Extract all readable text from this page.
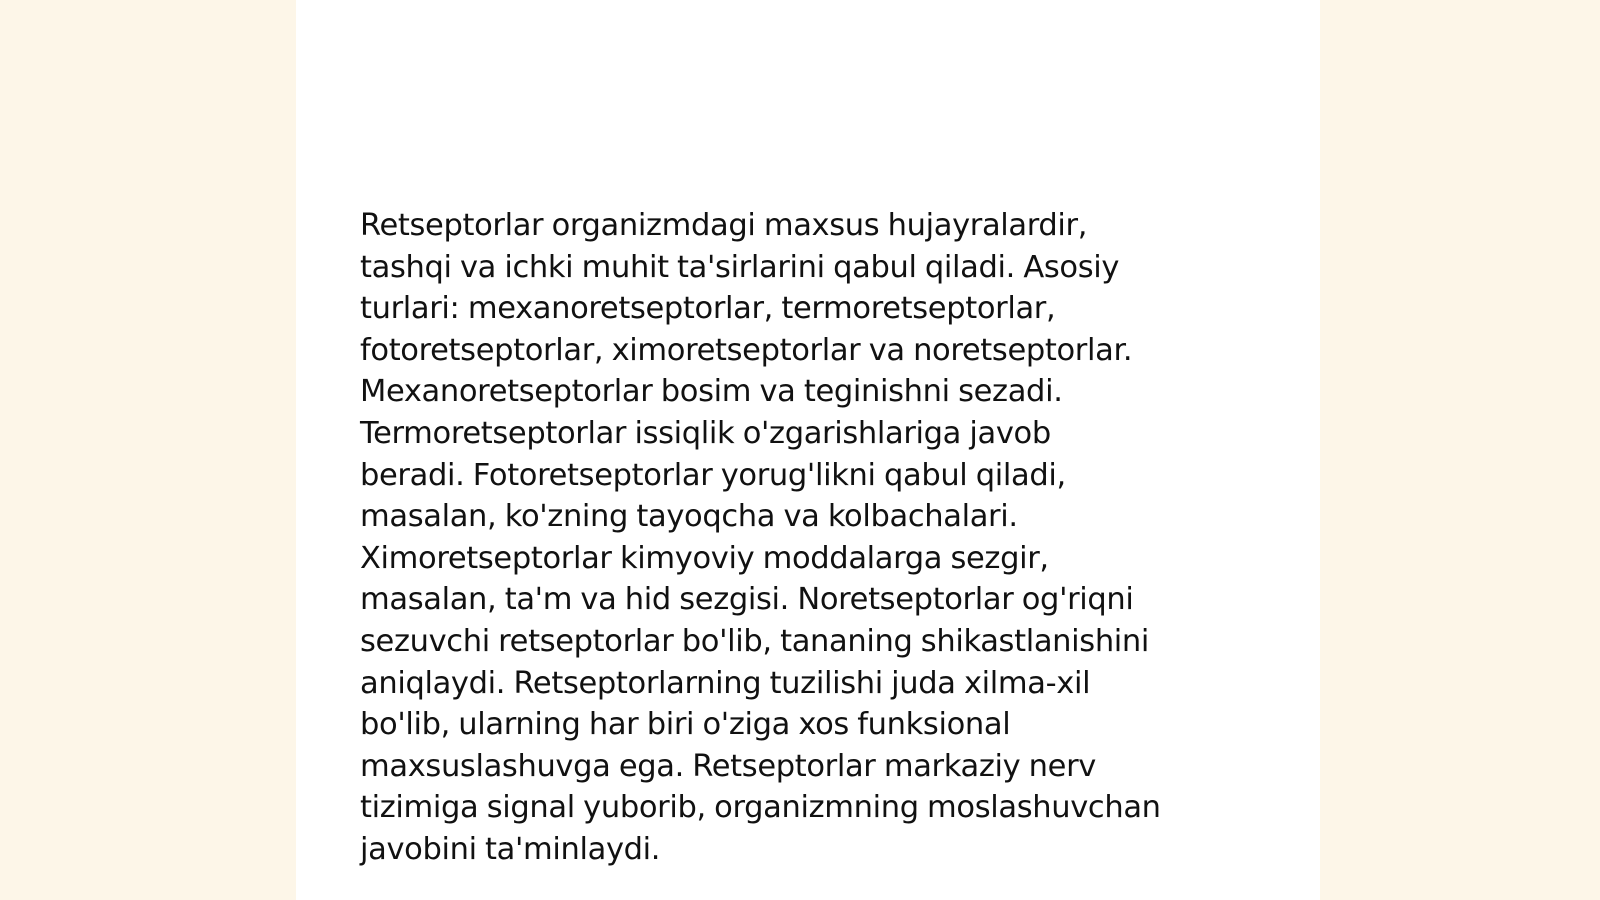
Retseptorlar organizmdagi maxsus hujayralardir,
tashqi va ichki muhit ta'sirlarini qabul qiladi. Asosiy
turlari: mexanoretseptorlar, termoretseptorlar,
fotoretseptorlar, ximoretseptorlar va noretseptorlar.
Mexanoretseptorlar bosim va teginishni sezadi.
Termoretseptorlar issiqlik o'zgarishlariga javob
beradi. Fotoretseptorlar yorug'likni qabul qiladi,
masalan, ko'zning tayoqcha va kolbachalari.
Ximoretseptorlar kimyoviy moddalarga sezgir,
masalan, ta'm va hid sezgisi. Noretseptorlar og'riqni
sezuvchi retseptorlar bo'lib, tananing shikastlanishini
aniqlaydi. Retseptorlarning tuzilishi juda xilma-xil
bo'lib, ularning har biri o'ziga xos funksional
maxsuslashuvga ega. Retseptorlar markaziy nerv
tizimiga signal yuborib, organizmning moslashuvchan
javobini ta'minlaydi.
